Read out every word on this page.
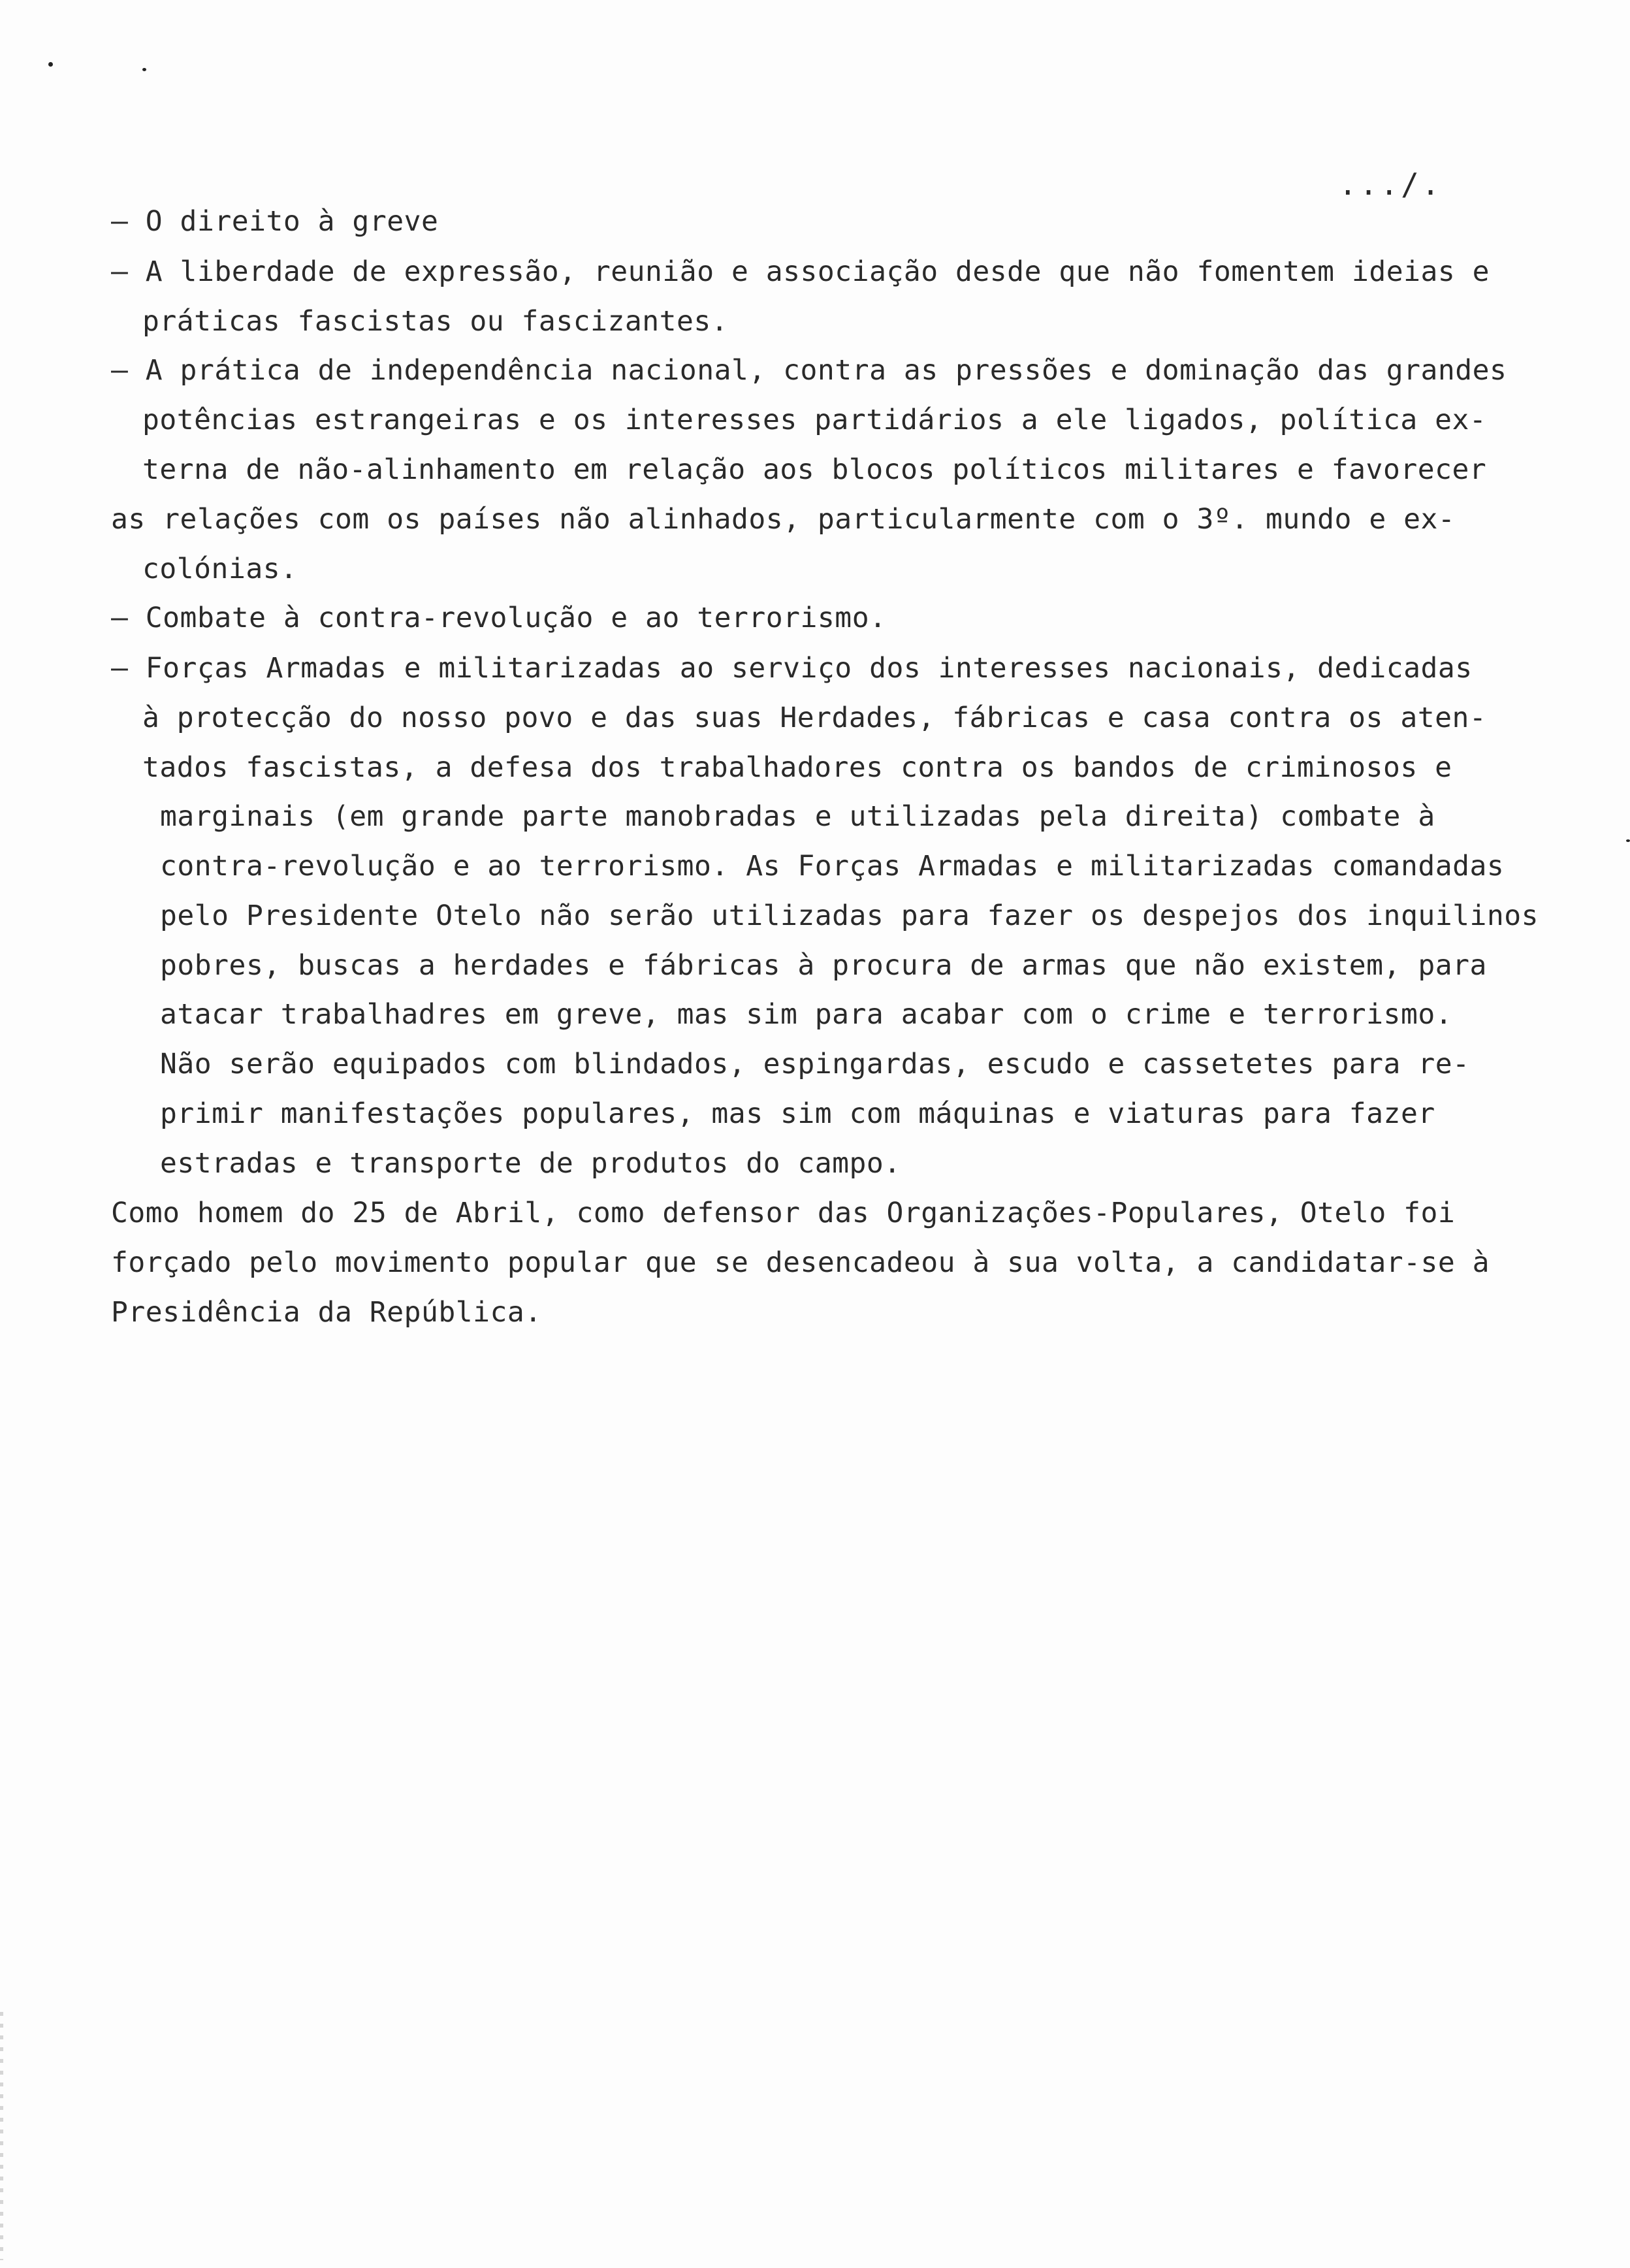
.../.
– O direito à greve
– A liberdade de expressão, reunião e associação desde que não fomentem ideias e
práticas fascistas ou fascizantes.
– A prática de independência nacional, contra as pressões e dominação das grandes
potências estrangeiras e os interesses partidários a ele ligados, política ex-
terna de não-alinhamento em relação aos blocos políticos militares e favorecer
as relações com os países não alinhados, particularmente com o 3º. mundo e ex-
colónias.
– Combate à contra-revolução e ao terrorismo.
– Forças Armadas e militarizadas ao serviço dos interesses nacionais, dedicadas
à protecção do nosso povo e das suas Herdades, fábricas e casa contra os aten-
tados fascistas, a defesa dos trabalhadores contra os bandos de criminosos e
marginais (em grande parte manobradas e utilizadas pela direita) combate à
contra-revolução e ao terrorismo. As Forças Armadas e militarizadas comandadas
pelo Presidente Otelo não serão utilizadas para fazer os despejos dos inquilinos
pobres, buscas a herdades e fábricas à procura de armas que não existem, para
atacar trabalhadres em greve, mas sim para acabar com o crime e terrorismo.
Não serão equipados com blindados, espingardas, escudo e cassetetes para re-
primir manifestações populares, mas sim com máquinas e viaturas para fazer
estradas e transporte de produtos do campo.
Como homem do 25 de Abril, como defensor das Organizações-Populares, Otelo foi
forçado pelo movimento popular que se desencadeou à sua volta, a candidatar-se à
Presidência da República.
